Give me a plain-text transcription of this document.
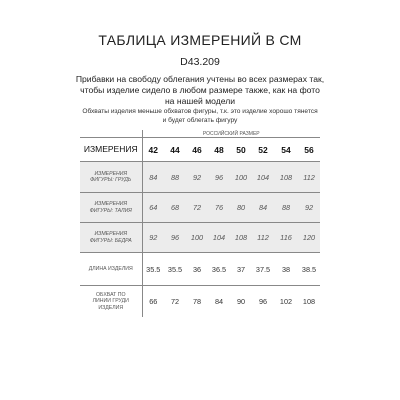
ТАБЛИЦА ИЗМЕРЕНИЙ В СМ
D43.209
Прибавки на свободу облегания учтены во всех размерах так,
чтобы изделие сидело в любом размере также, как на фото
на нашей модели
Обхваты изделия меньше обхватов фигуры, т.к. это изделие хорошо тянется
и будет облегать фигуру
	РОССИЙСКИЙ РАЗМЕР							
ИЗМЕРЕНИЯ	42	44	46	48	50	52	54	56

ИЗМЕРЕНИЯ
ФИГУРЫ: ГРУДЬ	84	88	92	96	100	104	108	112

ИЗМЕРЕНИЯ
ФИГУРЫ: ТАЛИЯ	64	68	72	76	80	84	88	92

ИЗМЕРЕНИЯ
ФИГУРЫ: БЕДРА	92	96	100	104	108	112	116	120

ДЛИНА ИЗДЕЛИЯ	35.5	35.5	36	36.5	37	37.5	38	38.5

ОБХВАТ ПО
ЛИНИИ ГРУДИ
ИЗДЕЛИЯ	66	72	78	84	90	96	102	108
